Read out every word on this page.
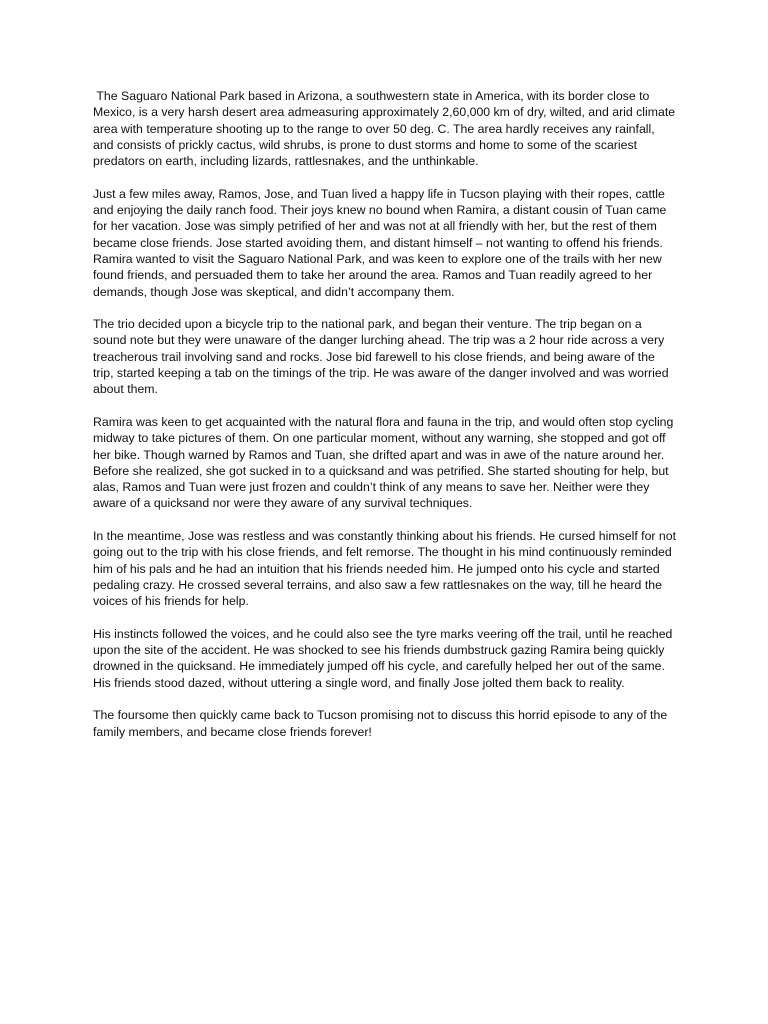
The Saguaro National Park based in Arizona, a southwestern state in America, with its border close to Mexico, is a very harsh desert area admeasuring approximately 2,60,000 km of dry, wilted, and arid climate area with temperature shooting up to the range to over 50 deg. C. The area hardly receives any rainfall, and consists of prickly cactus, wild shrubs, is prone to dust storms and home to some of the scariest predators on earth, including lizards, rattlesnakes, and the unthinkable.

Just a few miles away, Ramos, Jose, and Tuan lived a happy life in Tucson playing with their ropes, cattle and enjoying the daily ranch food. Their joys knew no bound when Ramira, a distant cousin of Tuan came for her vacation. Jose was simply petrified of her and was not at all friendly with her, but the rest of them became close friends. Jose started avoiding them, and distant himself – not wanting to offend his friends. Ramira wanted to visit the Saguaro National Park, and was keen to explore one of the trails with her new found friends, and persuaded them to take her around the area. Ramos and Tuan readily agreed to her demands, though Jose was skeptical, and didn’t accompany them.

The trio decided upon a bicycle trip to the national park, and began their venture. The trip began on a sound note but they were unaware of the danger lurching ahead. The trip was a 2 hour ride across a very treacherous trail involving sand and rocks. Jose bid farewell to his close friends, and being aware of the trip, started keeping a tab on the timings of the trip. He was aware of the danger involved and was worried about them.

Ramira was keen to get acquainted with the natural flora and fauna in the trip, and would often stop cycling midway to take pictures of them. On one particular moment, without any warning, she stopped and got off her bike. Though warned by Ramos and Tuan, she drifted apart and was in awe of the nature around her. Before she realized, she got sucked in to a quicksand and was petrified. She started shouting for help, but alas, Ramos and Tuan were just frozen and couldn’t think of any means to save her. Neither were they aware of a quicksand nor were they aware of any survival techniques.

In the meantime, Jose was restless and was constantly thinking about his friends. He cursed himself for not going out to the trip with his close friends, and felt remorse. The thought in his mind continuously reminded him of his pals and he had an intuition that his friends needed him. He jumped onto his cycle and started pedaling crazy. He crossed several terrains, and also saw a few rattlesnakes on the way, till he heard the voices of his friends for help.

His instincts followed the voices, and he could also see the tyre marks veering off the trail, until he reached upon the site of the accident. He was shocked to see his friends dumbstruck gazing Ramira being quickly drowned in the quicksand. He immediately jumped off his cycle, and carefully helped her out of the same. His friends stood dazed, without uttering a single word, and finally Jose jolted them back to reality.

The foursome then quickly came back to Tucson promising not to discuss this horrid episode to any of the family members, and became close friends forever!
